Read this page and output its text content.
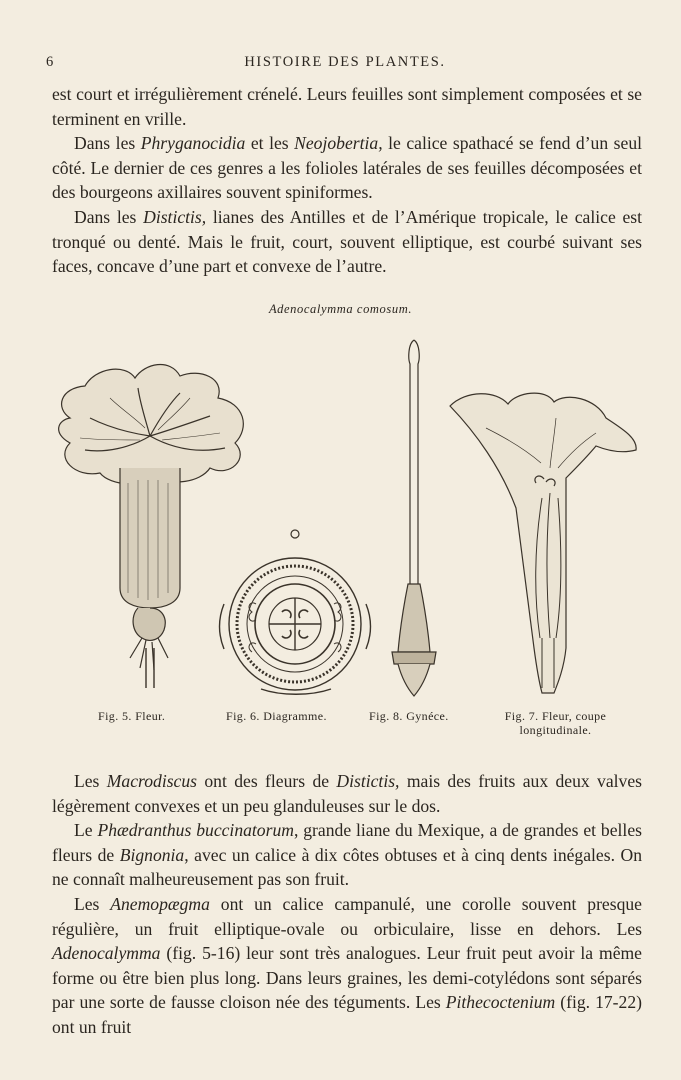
6	HISTOIRE DES PLANTES.

est court et irrégulièrement crénelé. Leurs feuilles sont simplement composées et se terminent en vrille.

Dans les Phryganocidia et les Neojobertia, le calice spathacé se fend d’un seul côté. Le dernier de ces genres a les folioles latérales de ses feuilles décomposées et des bourgeons axillaires souvent spiniformes.

Dans les Distictis, lianes des Antilles et de l’Amérique tropicale, le calice est tronqué ou denté. Mais le fruit, court, souvent elliptique, est courbé suivant ses faces, concave d’une part et convexe de l’autre.

Adenocalymma comosum.
Fig. 5. Fleur.	Fig. 6. Diagramme.	Fig. 8. Gynéce.	Fig. 7. Fleur, coupe
longitudinale.

Les Macrodiscus ont des fleurs de Distictis, mais des fruits aux deux valves légèrement convexes et un peu glanduleuses sur le dos.

Le Phædranthus buccinatorum, grande liane du Mexique, a de grandes et belles fleurs de Bignonia, avec un calice à dix côtes obtuses et à cinq dents inégales. On ne connaît malheureusement pas son fruit.

Les Anemopægma ont un calice campanulé, une corolle souvent presque régulière, un fruit elliptique-ovale ou orbiculaire, lisse en dehors. Les Adenocalymma (fig. 5-16) leur sont très analogues. Leur fruit peut avoir la même forme ou être bien plus long. Dans leurs graines, les demi-cotylédons sont séparés par une sorte de fausse cloison née des téguments. Les Pithecoctenium (fig. 17-22) ont un fruit
